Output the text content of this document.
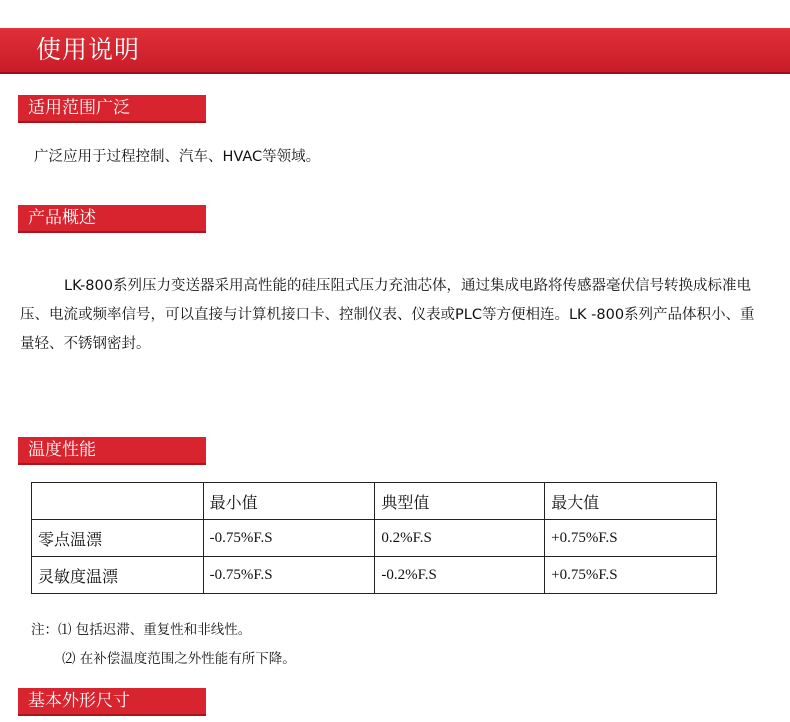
使用说明
适用范围广泛
广泛应用于过程控制、汽车、HVAC等领域。
产品概述
LK-800系列压力变送器采用高性能的硅压阻式压力充油芯体，通过集成电路将传感器毫伏信号转换成标准电压、电流或频率信号，可以直接与计算机接口卡、控制仪表、仪表或PLC等方便相连。LK -800系列产品体积小、重量轻、不锈钢密封。
温度性能
	最小值	典型值	最大值
零点温漂	-0.75%F.S	0.2%F.S	+0.75%F.S
灵敏度温漂	-0.75%F.S	-0.2%F.S	+0.75%F.S
注：⑴ 包括迟滞、重复性和非线性。
⑵ 在补偿温度范围之外性能有所下降。
基本外形尺寸
